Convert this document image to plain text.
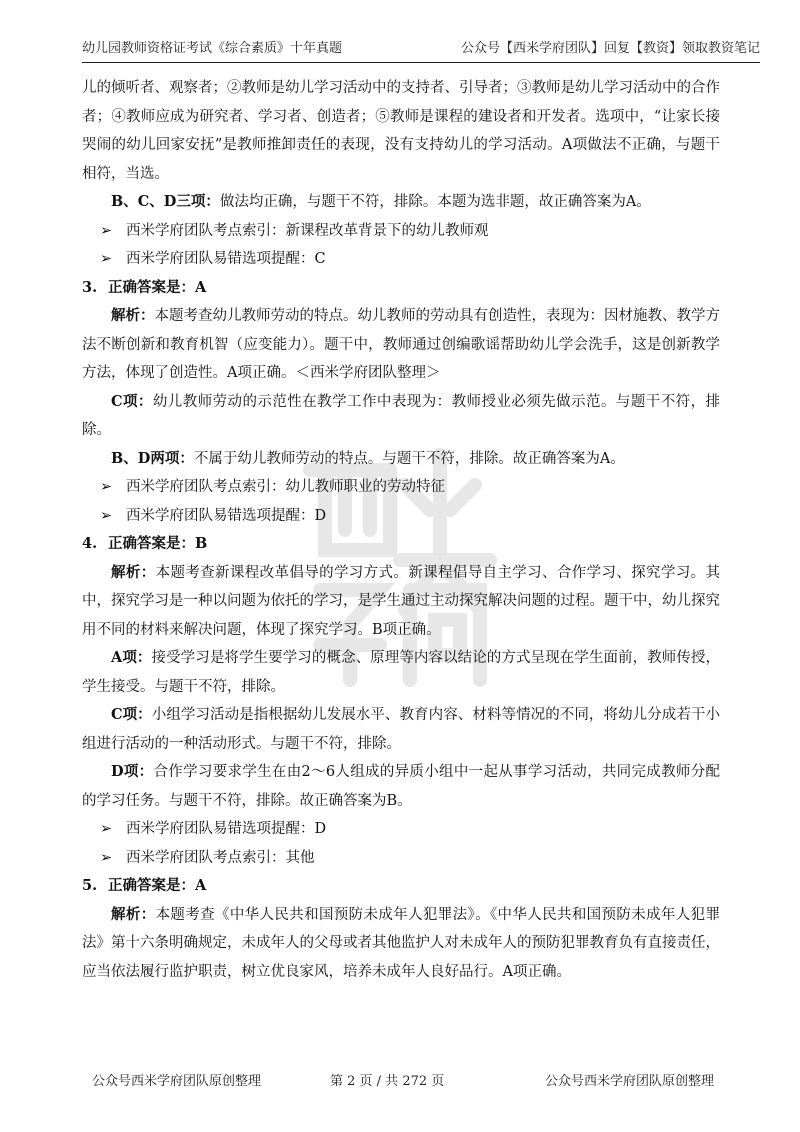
幼儿园教师资格证考试《综合素质》十年真题	公众号【西米学府团队】回复【教资】领取教资笔记

儿的倾听者、观察者；②教师是幼儿学习活动中的支持者、引导者；③教师是幼儿学习活动中的合作者；④教师应成为研究者、学习者、创造者；⑤教师是课程的建设者和开发者。选项中，“让家长接哭闹的幼儿回家安抚”是教师推卸责任的表现，没有支持幼儿的学习活动。A项做法不正确，与题干相符，当选。

B、C、D三项：做法均正确，与题干不符，排除。本题为选非题，故正确答案为A。

➢ 西米学府团队考点索引：新课程改革背景下的幼儿教师观

➢ 西米学府团队易错选项提醒：C

3. 正确答案是：A

解析：本题考查幼儿教师劳动的特点。幼儿教师的劳动具有创造性，表现为：因材施教、教学方法不断创新和教育机智（应变能力）。题干中，教师通过创编歌谣帮助幼儿学会洗手，这是创新教学方法，体现了创造性。A项正确。＜西米学府团队整理＞

C项：幼儿教师劳动的示范性在教学工作中表现为：教师授业必须先做示范。与题干不符，排除。

B、D两项：不属于幼儿教师劳动的特点。与题干不符，排除。故正确答案为A。

➢ 西米学府团队考点索引：幼儿教师职业的劳动特征

➢ 西米学府团队易错选项提醒：D

4. 正确答案是：B

解析：本题考查新课程改革倡导的学习方式。新课程倡导自主学习、合作学习、探究学习。其中，探究学习是一种以问题为依托的学习，是学生通过主动探究解决问题的过程。题干中，幼儿探究用不同的材料来解决问题，体现了探究学习。B项正确。

A项：接受学习是将学生要学习的概念、原理等内容以结论的方式呈现在学生面前，教师传授，学生接受。与题干不符，排除。

C项：小组学习活动是指根据幼儿发展水平、教育内容、材料等情况的不同，将幼儿分成若干小组进行活动的一种活动形式。与题干不符，排除。

D项：合作学习要求学生在由2～6人组成的异质小组中一起从事学习活动，共同完成教师分配的学习任务。与题干不符，排除。故正确答案为B。

➢ 西米学府团队易错选项提醒：D

➢ 西米学府团队考点索引：其他

5. 正确答案是：A

解析：本题考查《中华人民共和国预防未成年人犯罪法》。《中华人民共和国预防未成年人犯罪法》第十六条明确规定，未成年人的父母或者其他监护人对未成年人的预防犯罪教育负有直接责任，应当依法履行监护职责，树立优良家风，培养未成年人良好品行。A项正确。

公众号西米学府团队原创整理	第 2 页 / 共 272 页	公众号西米学府团队原创整理
